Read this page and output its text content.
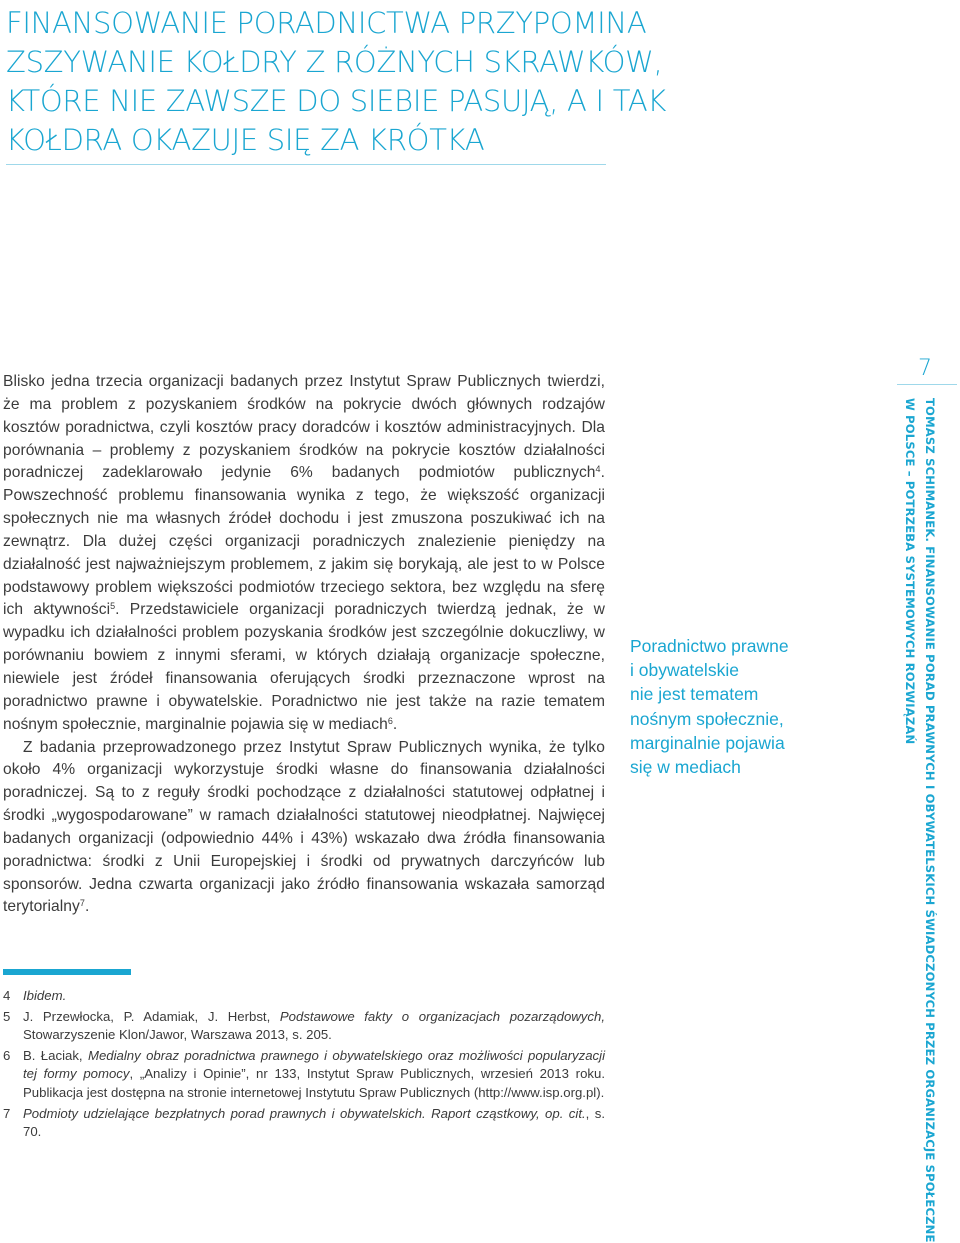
FINANSOWANIE PORADNICTWA PRZYPOMINA
ZSZYWANIE KOŁDRY Z RÓŻNYCH SKRAWKÓW,
KTÓRE NIE ZAWSZE DO SIEBIE PASUJĄ, A I TAK
KOŁDRA OKAZUJE SIĘ ZA KRÓTKA

Blisko jedna trzecia organizacji badanych przez Instytut Spraw Publicznych twierdzi, że ma problem z pozyskaniem środków na pokrycie dwóch głównych rodzajów kosztów poradnictwa, czyli kosztów pracy doradców i kosztów administracyjnych. Dla porównania – problemy z pozyskaniem środków na pokrycie kosztów działalności poradniczej zadeklarowało jedynie 6% badanych podmiotów publicznych$^4$. Powszechność problemu finansowania wynika z tego, że większość organizacji społecznych nie ma własnych źródeł dochodu i jest zmuszona poszukiwać ich na zewnątrz. Dla dużej części organizacji poradniczych znalezienie pieniędzy na działalność jest najważniejszym problemem, z jakim się borykają, ale jest to w Polsce podstawowy problem większości podmiotów trzeciego sektora, bez względu na sferę ich aktywności$^5$. Przedstawiciele organizacji poradniczych twierdzą jednak, że w wypadku ich działalności problem pozyskania środków jest szczególnie dokuczliwy, w porównaniu bowiem z innymi sferami, w których działają organizacje społeczne, niewiele jest źródeł finansowania oferujących środki przeznaczone wprost na poradnictwo prawne i obywatelskie. Poradnictwo nie jest także na razie tematem nośnym społecznie, marginalnie pojawia się w mediach$^6$.

Z badania przeprowadzonego przez Instytut Spraw Publicznych wynika, że tylko około 4% organizacji wykorzystuje środki własne do finansowania działalności poradniczej. Są to z reguły środki pochodzące z działalności statutowej odpłatnej i środki „wygospodarowane” w ramach działalności statutowej nieodpłatnej. Najwięcej badanych organizacji (odpowiednio 44% i 43%) wskazało dwa źródła finansowania poradnictwa: środki z Unii Europejskiej i środki od prywatnych darczyńców lub sponsorów. Jedna czwarta organizacji jako źródło finansowania wskazała samorząd terytorialny$^7$.

4 Ibidem.
5 J. Przewłocka, P. Adamiak, J. Herbst, Podstawowe fakty o organizacjach pozarządowych, Stowarzyszenie Klon/Jawor, Warszawa 2013, s. 205.
6 B. Łaciak, Medialny obraz poradnictwa prawnego i obywatelskiego oraz możliwości popularyzacji tej formy pomocy, „Analizy i Opinie”, nr 133, Instytut Spraw Publicznych, wrzesień 2013 roku. Publikacja jest dostępna na stronie internetowej Instytutu Spraw Publicznych (http://www.isp.org.pl).
7 Podmioty udzielające bezpłatnych porad prawnych i obywatelskich. Raport cząstkowy, op. cit., s. 70.
Poradnictwo prawne
i obywatelskie
nie jest tematem
nośnym społecznie,
marginalnie pojawia
się w mediach
7
TOMASZ SCHIMANEK. FINANSOWANIE PORAD PRAWNYCH I OBYWATELSKICH ŚWIADCZONYCH PRZEZ ORGANIZACJE SPOŁECZNE
W POLSCE – POTRZEBA SYSTEMOWYCH ROZWIĄZAŃ
